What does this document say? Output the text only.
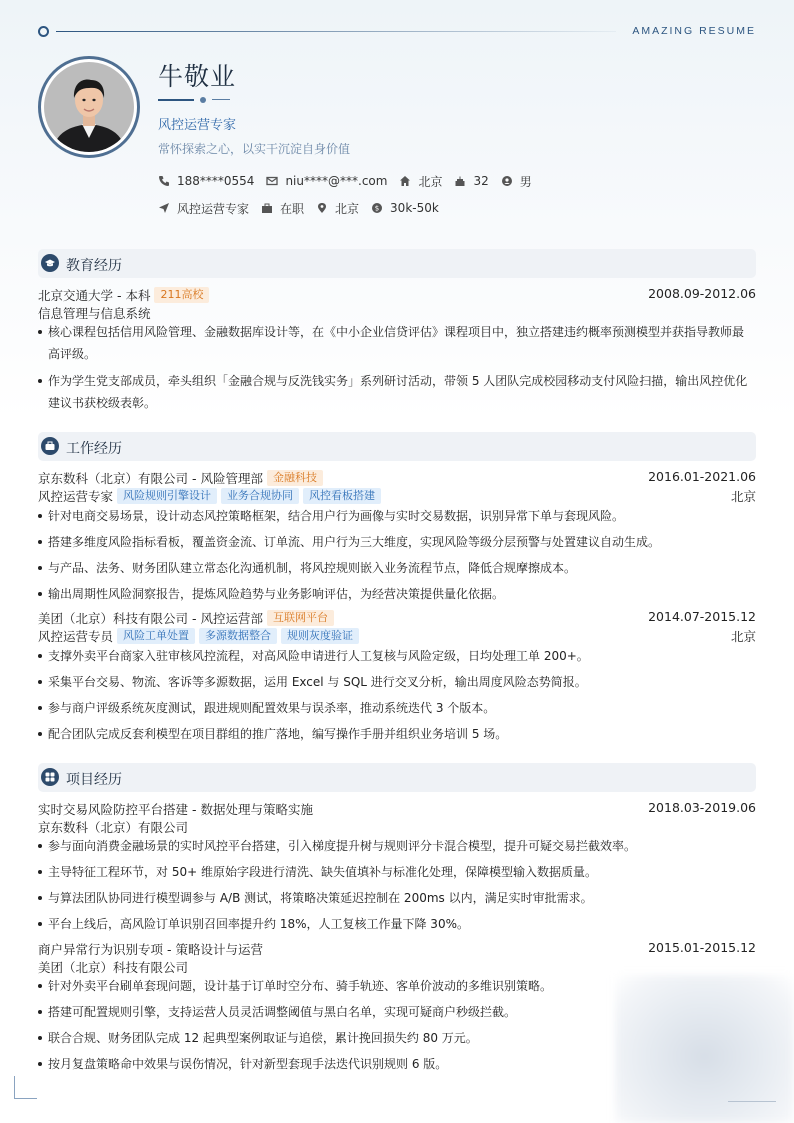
AMAZING RESUME
牛敬业
风控运营专家
常怀探索之心，以实干沉淀自身价值
188****0554	niu****@***.com	北京	32	男
风控运营专家	在职	北京 $ 30k-50k
教育经历
北京交通大学 - 本科 211高校	2008.09-2012.06
信息管理与信息系统
核心课程包括信用风险管理、金融数据库设计等，在《中小企业信贷评估》课程项目中，独立搭建违约概率预测模型并获指导教师最高评级。
作为学生党支部成员，牵头组织「金融合规与反洗钱实务」系列研讨活动，带领 5 人团队完成校园移动支付风险扫描，输出风控优化建议书获校级表彰。
工作经历
京东数科（北京）有限公司 - 风险管理部 金融科技	2016.01-2021.06
风控运营专家 风险规则引擎设计	业务合规协同	风控看板搭建	北京
针对电商交易场景，设计动态风控策略框架，结合用户行为画像与实时交易数据，识别异常下单与套现风险。
搭建多维度风险指标看板，覆盖资金流、订单流、用户行为三大维度，实现风险等级分层预警与处置建议自动生成。
与产品、法务、财务团队建立常态化沟通机制，将风控规则嵌入业务流程节点，降低合规摩擦成本。
输出周期性风险洞察报告，提炼风险趋势与业务影响评估，为经营决策提供量化依据。
美团（北京）科技有限公司 - 风控运营部 互联网平台	2014.07-2015.12
风控运营专员 风险工单处置	多源数据整合	规则灰度验证	北京
支撑外卖平台商家入驻审核风控流程，对高风险申请进行人工复核与风险定级，日均处理工单 200+。
采集平台交易、物流、客诉等多源数据，运用 Excel 与 SQL 进行交叉分析，输出周度风险态势简报。
参与商户评级系统灰度测试，跟进规则配置效果与误杀率，推动系统迭代 3 个版本。
配合团队完成反套利模型在项目群组的推广落地，编写操作手册并组织业务培训 5 场。
项目经历
实时交易风险防控平台搭建 - 数据处理与策略实施	2018.03-2019.06
京东数科（北京）有限公司
参与面向消费金融场景的实时风控平台搭建，引入梯度提升树与规则评分卡混合模型，提升可疑交易拦截效率。
主导特征工程环节，对 50+ 维原始字段进行清洗、缺失值填补与标准化处理，保障模型输入数据质量。
与算法团队协同进行模型调参与 A/B 测试，将策略决策延迟控制在 200ms 以内，满足实时审批需求。
平台上线后，高风险订单识别召回率提升约 18%，人工复核工作量下降 30%。
商户异常行为识别专项 - 策略设计与运营	2015.01-2015.12
美团（北京）科技有限公司
针对外卖平台刷单套现问题，设计基于订单时空分布、骑手轨迹、客单价波动的多维识别策略。
搭建可配置规则引擎，支持运营人员灵活调整阈值与黑白名单，实现可疑商户秒级拦截。
联合合规、财务团队完成 12 起典型案例取证与追偿，累计挽回损失约 80 万元。
按月复盘策略命中效果与误伤情况，针对新型套现手法迭代识别规则 6 版。
